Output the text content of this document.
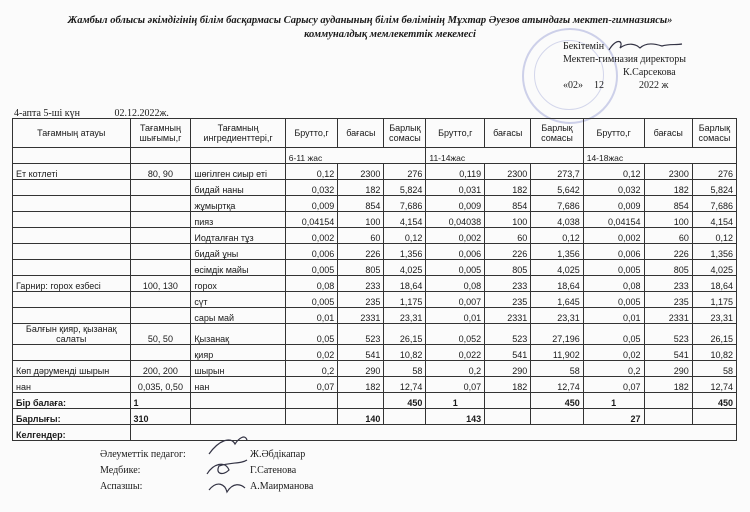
Жамбыл облысы әкімдігінің білім басқармасы Сарысу ауданының білім бөлімінің Мұхтар Әуезов атындағы мектеп-гимназиясы»
коммуналдық мемлекеттік мекемесі
Бекітемін
Мектеп-гимназия директоры
К.Сарсекова
«02» 12	2022 ж
4-апта 5-ші күн	02.12.2022ж.
Тағамның атауы	Тағамның шығымы,г	Тағамның ингредиенттері,г	Брутто,г	бағасы	Барлық сомасы	Брутто,г	бағасы	Барлық сомасы	Брутто,г	бағасы	Барлық сомасы
			6-11 жас			11-14жас			14-18жас		
Ет котлеті	80, 90	шөгілген сиыр еті	0,12	2300	276	0,119	2300	273,7	0,12	2300	276
		бидай наны	0,032	182	5,824	0,031	182	5,642	0,032	182	5,824
		жұмыртқа	0,009	854	7,686	0,009	854	7,686	0,009	854	7,686
		пияз	0,04154	100	4,154	0,04038	100	4,038	0,04154	100	4,154
		Иодталған тұз	0,002	60	0,12	0,002	60	0,12	0,002	60	0,12
		бидай ұны	0,006	226	1,356	0,006	226	1,356	0,006	226	1,356
		өсімдік майы	0,005	805	4,025	0,005	805	4,025	0,005	805	4,025
Гарнир: горох езбесі	100, 130	горох	0,08	233	18,64	0,08	233	18,64	0,08	233	18,64
		сүт	0,005	235	1,175	0,007	235	1,645	0,005	235	1,175
		сары май	0,01	2331	23,31	0,01	2331	23,31	0,01	2331	23,31
Балғын қияр, қызанақ салаты	50, 50	Қызанақ	0,05	523	26,15	0,052	523	27,196	0,05	523	26,15
		қияр	0,02	541	10,82	0,022	541	11,902	0,02	541	10,82
Көп дәрумендi шырын	200, 200	шырын	0,2	290	58	0,2	290	58	0,2	290	58
нан	0,035, 0,50	нан	0,07	182	12,74	0,07	182	12,74	0,07	182	12,74
Бір балаға:	1				450	1		450	1		450
Барлығы:	310			140		143			27		
Келгендер:											
Әлеуметтік педагог:	Ж.Әбдікапар
Медбике:	Г.Сатенова
Аспазшы:	А.Маирманова
